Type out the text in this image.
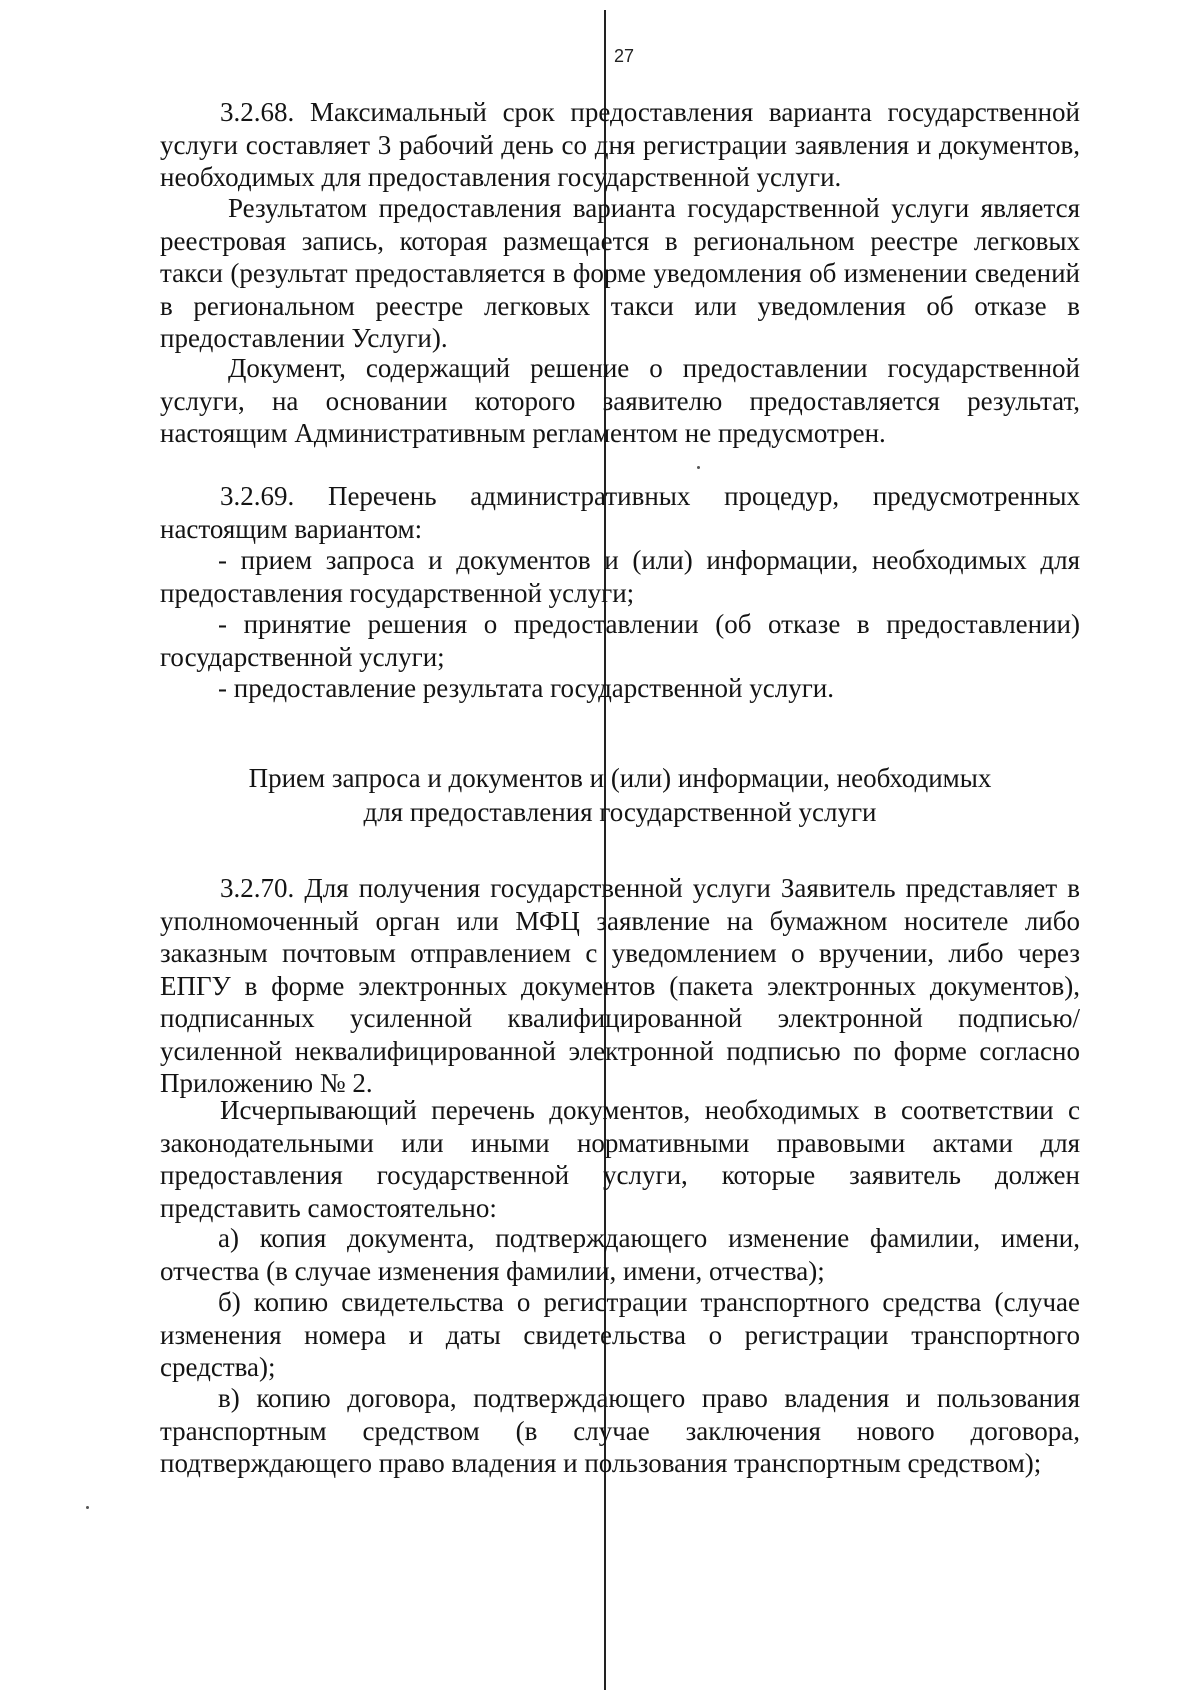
27

3.2.68. Максимальный срок предоставления варианта государственной услуги составляет 3 рабочий день со дня регистрации заявления и документов, необходимых для предоставления государственной услуги.

Результатом предоставления варианта государственной услуги является реестровая запись, которая размещается в региональном реестре легковых такси (результат предоставляется в форме уведомления об изменении сведений в региональном реестре легковых такси или уведомления об отказе в предоставлении Услуги).

Документ, содержащий решение о предоставлении государственной услуги, на основании которого заявителю предоставляется результат, настоящим Административным регламентом не предусмотрен.

3.2.69. Перечень административных процедур, предусмотренных настоящим вариантом:

- прием запроса и документов и (или) информации, необходимых для предоставления государственной услуги;

- принятие решения о предоставлении (об отказе в предоставлении) государственной услуги;

- предоставление результата государственной услуги.

Прием запроса и документов и (или) информации, необходимых
для предоставления государственной услуги

3.2.70. Для получения государственной услуги Заявитель представляет в уполномоченный орган или МФЦ заявление на бумажном носителе либо заказным почтовым отправлением с уведомлением о вручении, либо через ЕПГУ в форме электронных документов (пакета электронных документов), подписанных усиленной квалифицированной электронной подписью/усиленной неквалифицированной электронной подписью по форме согласно Приложению № 2.

Исчерпывающий перечень документов, необходимых в соответствии с законодательными или иными нормативными правовыми актами для предоставления государственной услуги, которые заявитель должен представить самостоятельно:

а) копия документа, подтверждающего изменение фамилии, имени, отчества (в случае изменения фамилии, имени, отчества);

б) копию свидетельства о регистрации транспортного средства (случае изменения номера и даты свидетельства о регистрации транспортного средства);

в) копию договора, подтверждающего право владения и пользования транспортным средством (в случае заключения нового договора, подтверждающего право владения и пользования транспортным средством);
